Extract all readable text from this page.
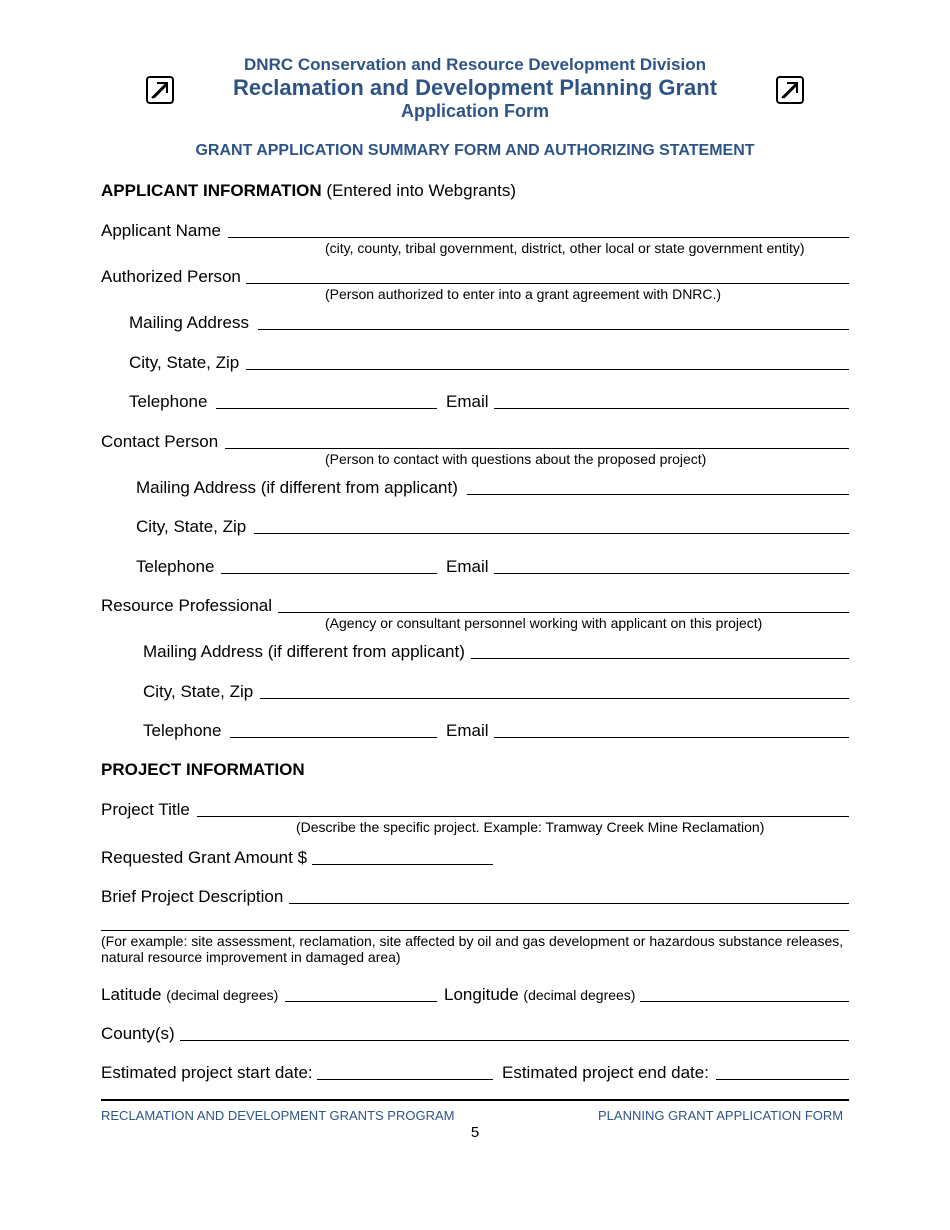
DNRC Conservation and Resource Development Division
Reclamation and Development Planning Grant
Application Form
GRANT APPLICATION SUMMARY FORM AND AUTHORIZING STATEMENT
APPLICANT INFORMATION (Entered into Webgrants)
Applicant Name
(city, county, tribal government, district, other local or state government entity)
Authorized Person
(Person authorized to enter into a grant agreement with DNRC.)
Mailing Address
City, State, Zip
Telephone	Email
Contact Person
(Person to contact with questions about the proposed project)
Mailing Address (if different from applicant)
City, State, Zip
Telephone	Email
Resource Professional
(Agency or consultant personnel working with applicant on this project)
Mailing Address (if different from applicant)
City, State, Zip
Telephone	Email
PROJECT INFORMATION
Project Title
(Describe the specific project. Example: Tramway Creek Mine Reclamation)
Requested Grant Amount $
Brief Project Description
(For example: site assessment, reclamation, site affected by oil and gas development or hazardous substance releases, natural resource improvement in damaged area)
Latitude (decimal degrees)	Longitude (decimal degrees)
County(s)
Estimated project start date:	Estimated project end date:
RECLAMATION AND DEVELOPMENT GRANTS PROGRAM	PLANNING GRANT APPLICATION FORM
5
